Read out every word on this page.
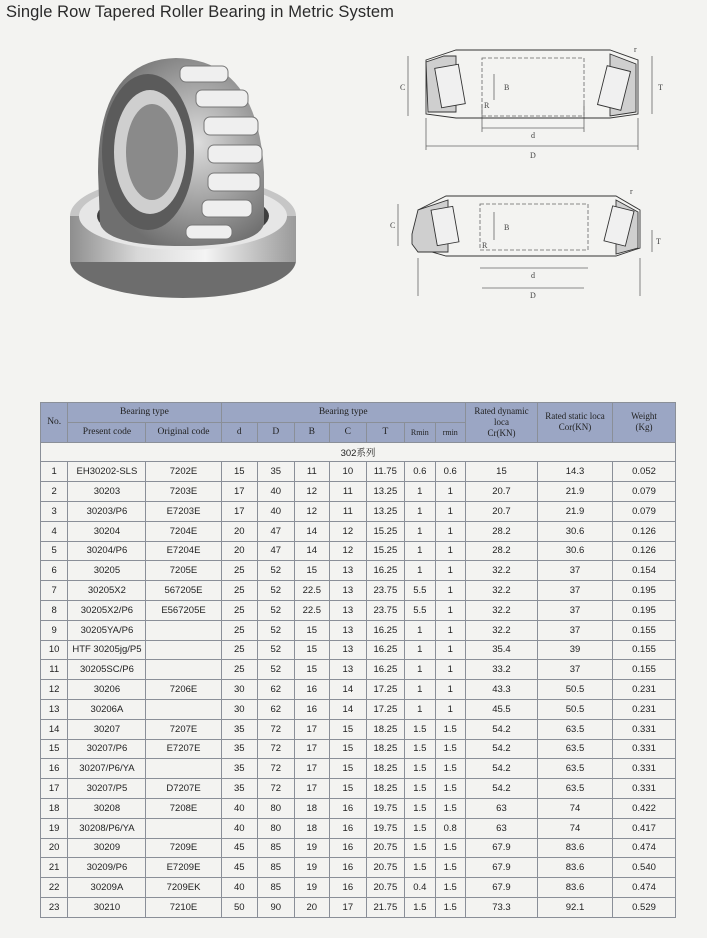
Single Row Tapered Roller Bearing in Metric System
C	B
R
T
d
D
r
C	B
R	T
d
D
r
No.	Bearing type		Bearing type							Rated dynamic loca
Cr(KN)	Rated static loca
Cor(KN)	Weight
(Kg)

	Present code	Original code	d	D	B	C	T	Rmin	rmin			
302系列												
1	EH30202-SLS	7202E	15	35	11	10	11.75	0.6	0.6	15	14.3	0.052
2	30203	7203E	17	40	12	11	13.25	1	1	20.7	21.9	0.079
3	30203/P6	E7203E	17	40	12	11	13.25	1	1	20.7	21.9	0.079
4	30204	7204E	20	47	14	12	15.25	1	1	28.2	30.6	0.126
5	30204/P6	E7204E	20	47	14	12	15.25	1	1	28.2	30.6	0.126
6	30205	7205E	25	52	15	13	16.25	1	1	32.2	37	0.154
7	30205X2	567205E	25	52	22.5	13	23.75	5.5	1	32.2	37	0.195
8	30205X2/P6	E567205E	25	52	22.5	13	23.75	5.5	1	32.2	37	0.195
9	30205YA/P6		25	52	15	13	16.25	1	1	32.2	37	0.155
10	HTF 30205jg/P5		25	52	15	13	16.25	1	1	35.4	39	0.155
11	30205SC/P6		25	52	15	13	16.25	1	1	33.2	37	0.155
12	30206	7206E	30	62	16	14	17.25	1	1	43.3	50.5	0.231
13	30206A		30	62	16	14	17.25	1	1	45.5	50.5	0.231
14	30207	7207E	35	72	17	15	18.25	1.5	1.5	54.2	63.5	0.331
15	30207/P6	E7207E	35	72	17	15	18.25	1.5	1.5	54.2	63.5	0.331
16	30207/P6/YA		35	72	17	15	18.25	1.5	1.5	54.2	63.5	0.331
17	30207/P5	D7207E	35	72	17	15	18.25	1.5	1.5	54.2	63.5	0.331
18	30208	7208E	40	80	18	16	19.75	1.5	1.5	63	74	0.422
19	30208/P6/YA		40	80	18	16	19.75	1.5	0.8	63	74	0.417
20	30209	7209E	45	85	19	16	20.75	1.5	1.5	67.9	83.6	0.474
21	30209/P6	E7209E	45	85	19	16	20.75	1.5	1.5	67.9	83.6	0.540
22	30209A	7209EK	40	85	19	16	20.75	0.4	1.5	67.9	83.6	0.474
23	30210	7210E	50	90	20	17	21.75	1.5	1.5	73.3	92.1	0.529
